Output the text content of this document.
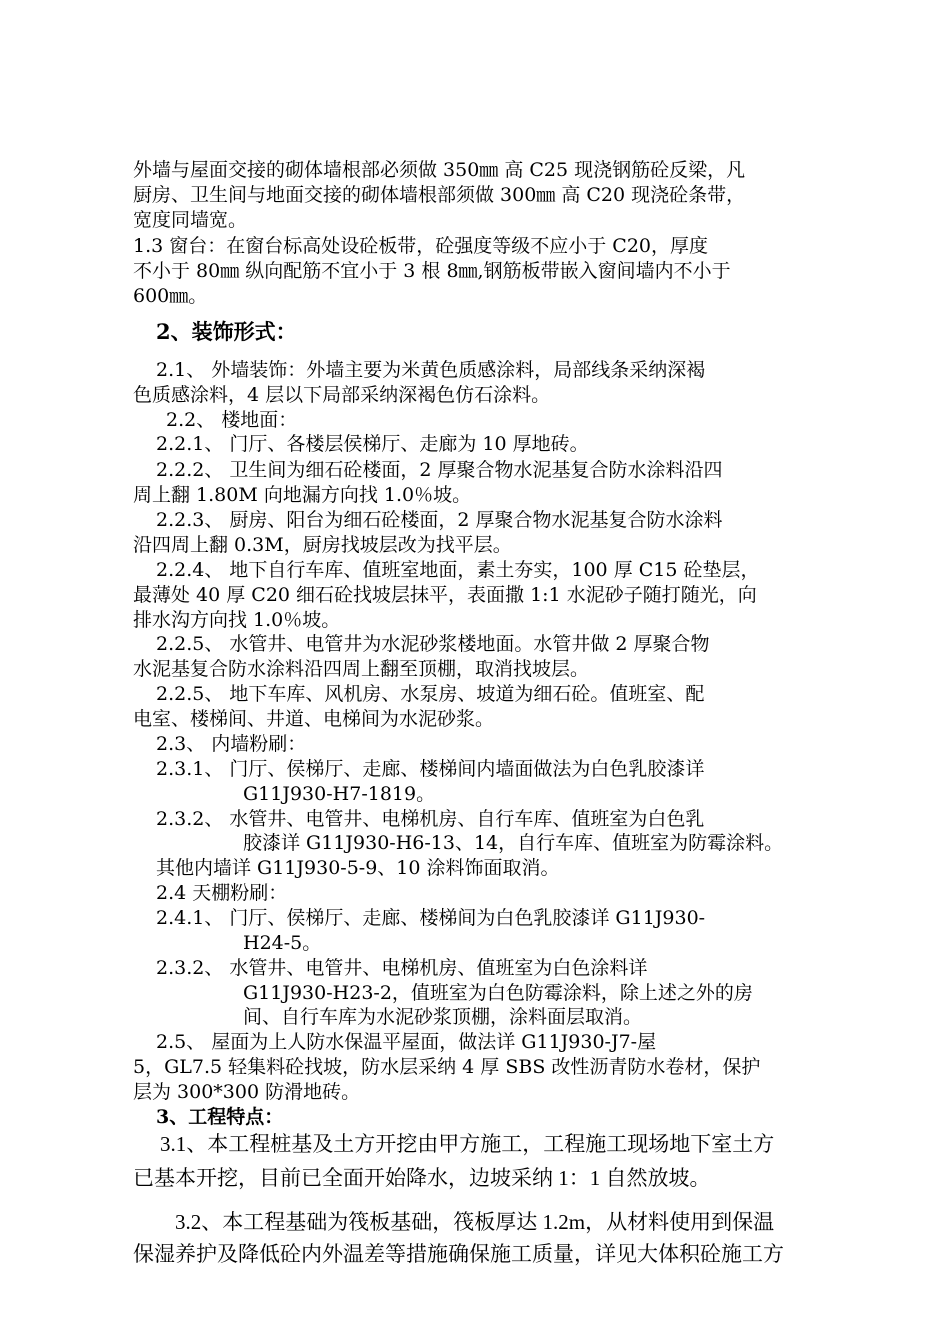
外墙与屋面交接的砌体墙根部必须做 350㎜ 高 C25 现浇钢筋砼反梁，凡
厨房、卫生间与地面交接的砌体墙根部须做 300㎜ 高 C20 现浇砼条带，
宽度同墙宽。
1.3 窗台：在窗台标高处设砼板带，砼强度等级不应小于 C20，厚度
不小于 80㎜ 纵向配筋不宜小于 3 根 8㎜,钢筋板带嵌入窗间墙内不小于
600㎜。
2、装饰形式：
2.1、 外墙装饰：外墙主要为米黄色质感涂料，局部线条采纳深褐
色质感涂料，4 层以下局部采纳深褐色仿石涂料。
2.2、 楼地面：
2.2.1、 门厅、各楼层侯梯厅、走廊为 10 厚地砖。
2.2.2、 卫生间为细石砼楼面，2 厚聚合物水泥基复合防水涂料沿四
周上翻 1.80M 向地漏方向找 1.0％坡。
2.2.3、 厨房、阳台为细石砼楼面，2 厚聚合物水泥基复合防水涂料
沿四周上翻 0.3M，厨房找坡层改为找平层。
2.2.4、 地下自行车库、值班室地面，素土夯实，100 厚 C15 砼垫层，
最薄处 40 厚 C20 细石砼找坡层抹平，表面撒 1:1 水泥砂子随打随光，向
排水沟方向找 1.0％坡。
2.2.5、 水管井、电管井为水泥砂浆楼地面。水管井做 2 厚聚合物
水泥基复合防水涂料沿四周上翻至顶棚，取消找坡层。
2.2.5、 地下车库、风机房、水泵房、坡道为细石砼。值班室、配
电室、楼梯间、井道、电梯间为水泥砂浆。
2.3、 内墙粉刷：
2.3.1、 门厅、侯梯厅、走廊、楼梯间内墙面做法为白色乳胶漆详
G11J930-H7-1819。
2.3.2、 水管井、电管井、电梯机房、自行车库、值班室为白色乳
胶漆详 G11J930-H6-13、14，自行车库、值班室为防霉涂料。
其他内墙详 G11J930-5-9、10 涂料饰面取消。
2.4 天棚粉刷：
2.4.1、 门厅、侯梯厅、走廊、楼梯间为白色乳胶漆详 G11J930-
H24-5。
2.3.2、 水管井、电管井、电梯机房、值班室为白色涂料详
G11J930-H23-2，值班室为白色防霉涂料，除上述之外的房
间、自行车库为水泥砂浆顶棚，涂料面层取消。
2.5、 屋面为上人防水保温平屋面，做法详 G11J930-J7-屋
5，GL7.5 轻集料砼找坡，防水层采纳 4 厚 SBS 改性沥青防水卷材，保护
层为 300*300 防滑地砖。
3、工程特点：
3.1、本工程桩基及土方开挖由甲方施工，工程施工现场地下室土方
已基本开挖，目前已全面开始降水，边坡采纳 1：1 自然放坡。
3.2、本工程基础为筏板基础，筏板厚达 1.2m，从材料使用到保温
保湿养护及降低砼内外温差等措施确保施工质量，详见大体积砼施工方
